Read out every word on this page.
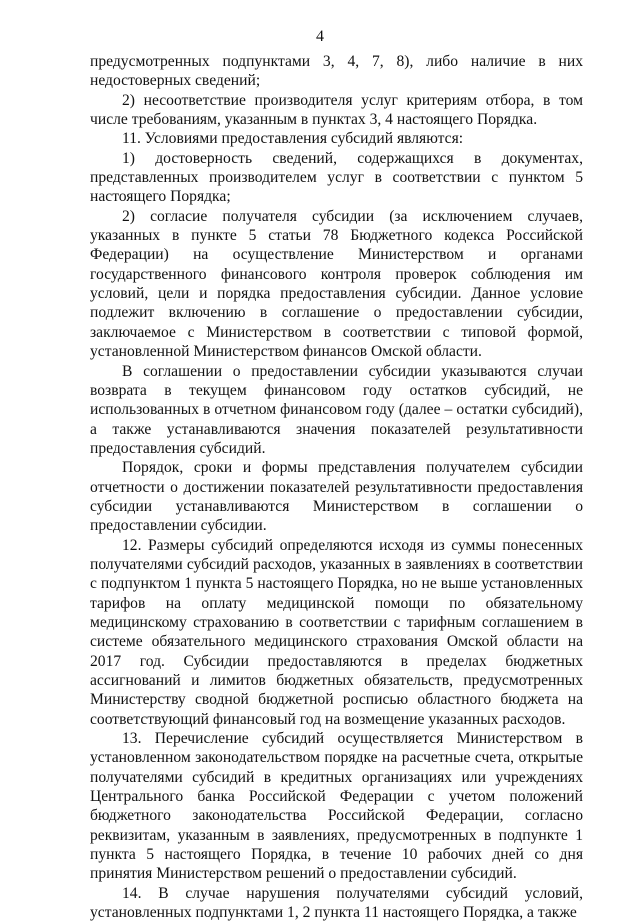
4

предусмотренных подпунктами 3, 4, 7, 8), либо наличие в них недостоверных сведений;

2) несоответствие производителя услуг критериям отбора, в том числе требованиям, указанным в пунктах 3, 4 настоящего Порядка.

11. Условиями предоставления субсидий являются:

1) достоверность сведений, содержащихся в документах, представленных производителем услуг в соответствии с пунктом 5 настоящего Порядка;

2) согласие получателя субсидии (за исключением случаев, указанных в пункте 5 статьи 78 Бюджетного кодекса Российской Федерации) на осуществление Министерством и органами государственного финансового контроля проверок соблюдения им условий, цели и порядка предоставления субсидии. Данное условие подлежит включению в соглашение о предоставлении субсидии, заключаемое с Министерством в соответствии с типовой формой, установленной Министерством финансов Омской области.

В соглашении о предоставлении субсидии указываются случаи возврата в текущем финансовом году остатков субсидий, не использованных в отчетном финансовом году (далее – остатки субсидий), а также устанавливаются значения показателей результативности предоставления субсидий.

Порядок, сроки и формы представления получателем субсидии отчетности о достижении показателей результативности предоставления субсидии устанавливаются Министерством в соглашении о предоставлении субсидии.

12. Размеры субсидий определяются исходя из суммы понесенных получателями субсидий расходов, указанных в заявлениях в соответствии с подпунктом 1 пункта 5 настоящего Порядка, но не выше установленных тарифов на оплату медицинской помощи по обязательному медицинскому страхованию в соответствии с тарифным соглашением в системе обязательного медицинского страхования Омской области на 2017 год. Субсидии предоставляются в пределах бюджетных ассигнований и лимитов бюджетных обязательств, предусмотренных Министерству сводной бюджетной росписью областного бюджета на соответствующий финансовый год на возмещение указанных расходов.

13. Перечисление субсидий осуществляется Министерством в установленном законодательством порядке на расчетные счета, открытые получателями субсидий в кредитных организациях или учреждениях Центрального банка Российской Федерации с учетом положений бюджетного законодательства Российской Федерации, согласно реквизитам, указанным в заявлениях, предусмотренных в подпункте 1 пункта 5 настоящего Порядка, в течение 10 рабочих дней со дня принятия Министерством решений о предоставлении субсидий.

14. В случае нарушения получателями субсидий условий, установленных подпунктами 1, 2 пункта 11 настоящего Порядка, а также
